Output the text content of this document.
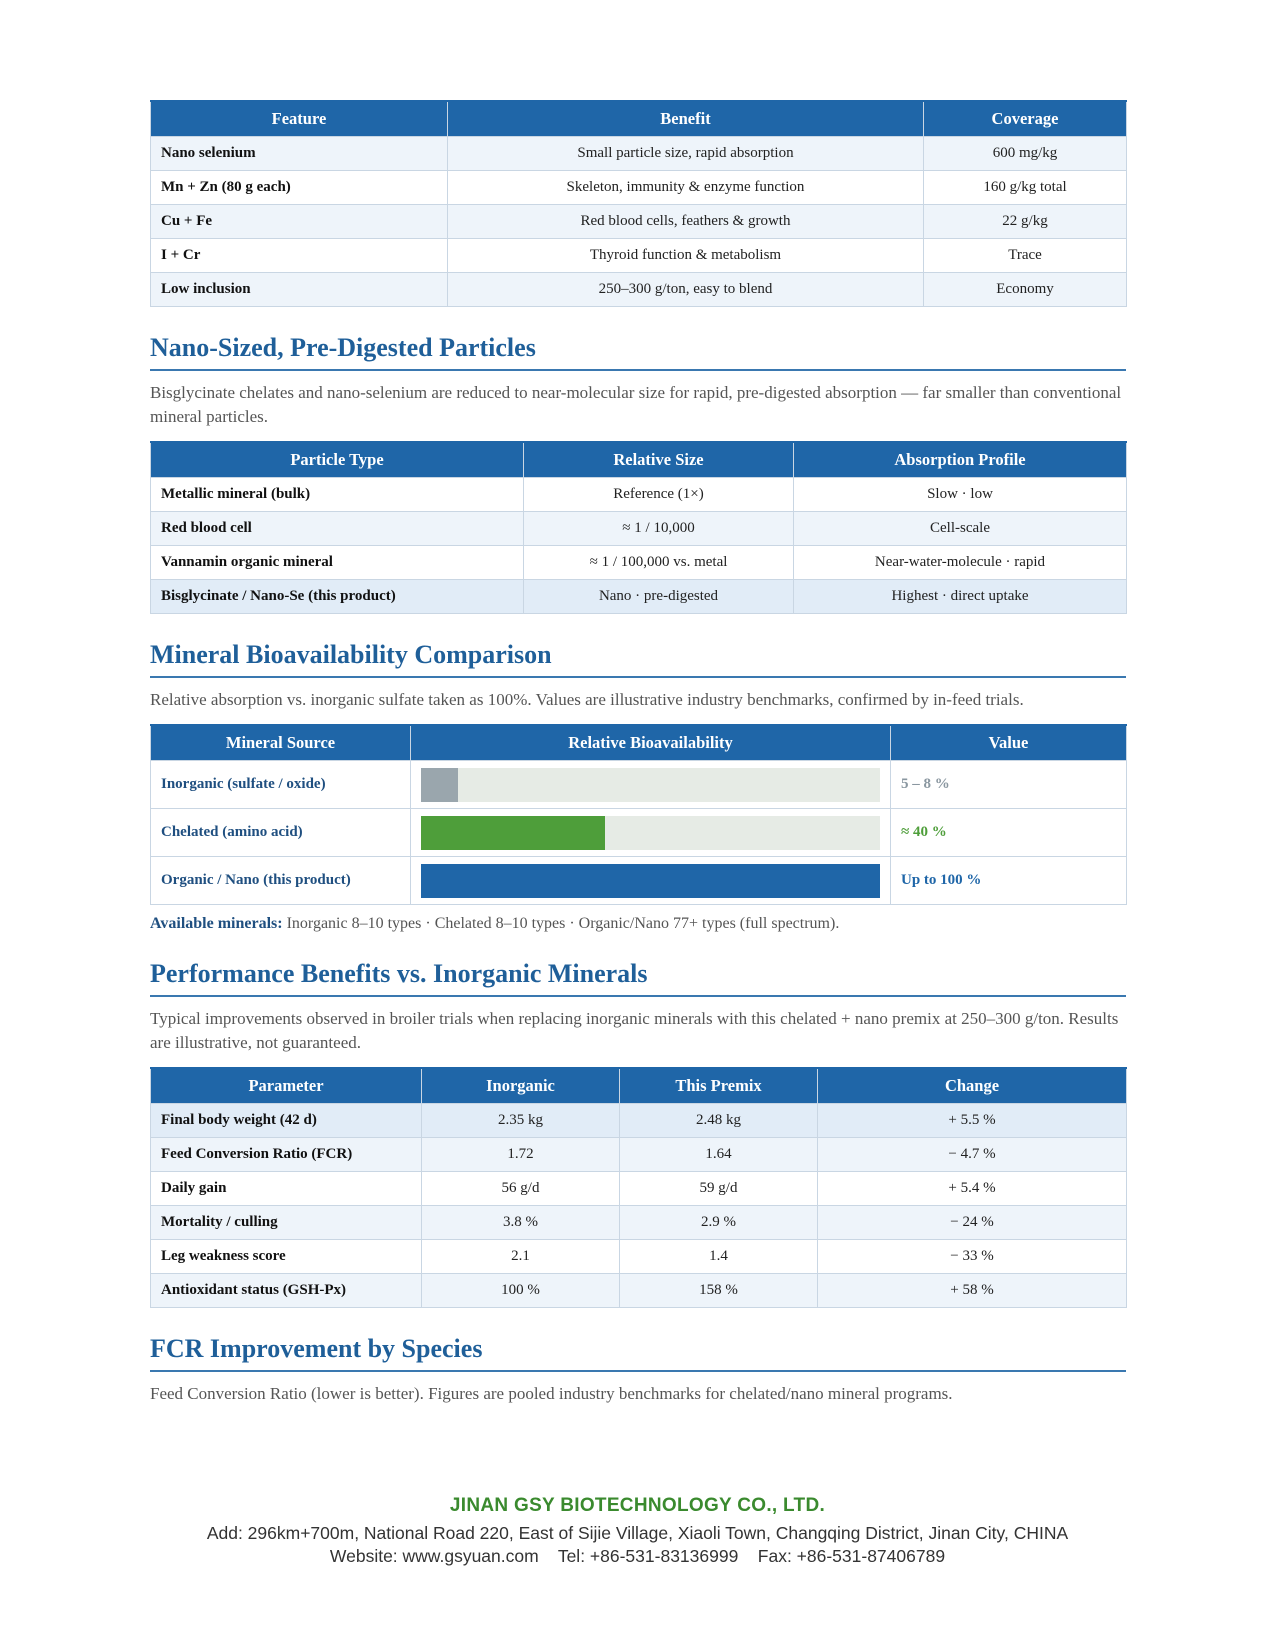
Feature	Benefit	Coverage
Nano selenium	Small particle size, rapid absorption	600 mg/kg
Mn + Zn (80 g each)	Skeleton, immunity & enzyme function	160 g/kg total
Cu + Fe	Red blood cells, feathers & growth	22 g/kg
I + Cr	Thyroid function & metabolism	Trace
Low inclusion	250–300 g/ton, easy to blend	Economy
Nano-Sized, Pre-Digested Particles

Bisglycinate chelates and nano-selenium are reduced to near-molecular size for rapid, pre-digested absorption — far smaller than conventional mineral particles.

Particle Type	Relative Size	Absorption Profile
Metallic mineral (bulk)	Reference (1×)	Slow · low
Red blood cell	≈ 1 / 10,000	Cell-scale
Vannamin organic mineral	≈ 1 / 100,000 vs. metal	Near-water-molecule · rapid
Bisglycinate / Nano-Se (this product)	Nano · pre-digested	Highest · direct uptake
Mineral Bioavailability Comparison

Relative absorption vs. inorganic sulfate taken as 100%. Values are illustrative industry benchmarks, confirmed by in-feed trials.

Mineral Source	Relative Bioavailability	Value
Inorganic (sulfate / oxide)		5 – 8 %
Chelated (amino acid)		≈ 40 %
Organic / Nano (this product)		Up to 100 %

Available minerals: Inorganic 8–10 types · Chelated 8–10 types · Organic/Nano 77+ types (full spectrum).

Performance Benefits vs. Inorganic Minerals

Typical improvements observed in broiler trials when replacing inorganic minerals with this chelated + nano premix at 250–300 g/ton. Results are illustrative, not guaranteed.

Parameter	Inorganic	This Premix	Change
Final body weight (42 d)	2.35 kg	2.48 kg	+ 5.5 %
Feed Conversion Ratio (FCR)	1.72	1.64	− 4.7 %
Daily gain	56 g/d	59 g/d	+ 5.4 %
Mortality / culling	3.8 %	2.9 %	− 24 %
Leg weakness score	2.1	1.4	− 33 %
Antioxidant status (GSH-Px)	100 %	158 %	+ 58 %
FCR Improvement by Species

Feed Conversion Ratio (lower is better). Figures are pooled industry benchmarks for chelated/nano mineral programs.

JINAN GSY BIOTECHNOLOGY CO., LTD.
Add: 296km+700m, National Road 220, East of Sijie Village, Xiaoli Town, Changqing District, Jinan City, CHINA
Website: www.gsyuan.com    Tel: +86-531-83136999    Fax: +86-531-87406789
